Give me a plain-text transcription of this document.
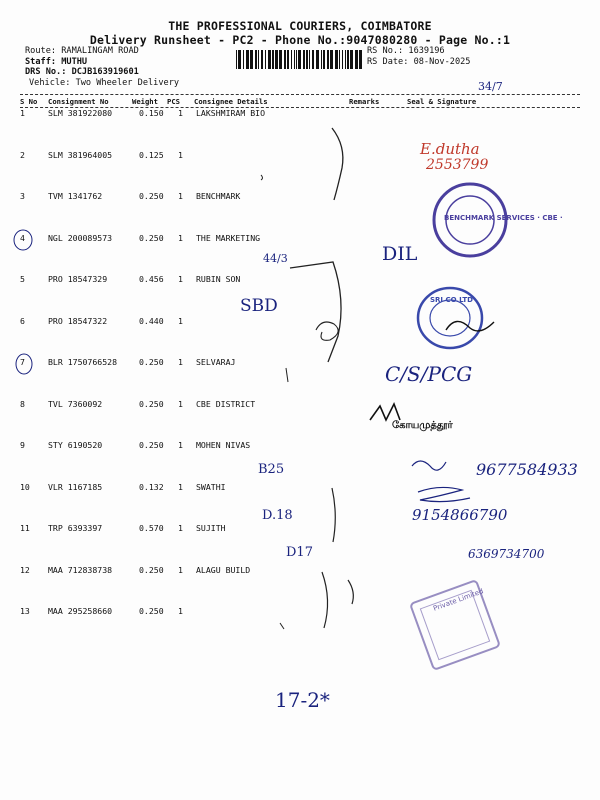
THE PROFESSIONAL COURIERS, COIMBATORE
Delivery Runsheet - PC2 - Phone No.:9047080280 - Page No.:1
Route: RAMALINGAM ROAD
Staff: MUTHU
DRS No.: DCJB163919601
Vehicle: Two Wheeler Delivery
RS No.: 1639196
RS Date: 08-Nov-2025
S No Consignment No	Weight PCS Consignee Details	Remarks	Seal & Signature
1	SLM 381922080	0.150 1 LAKSHMIRAM BIO
2	SLM 381964005	0.125 1
3	TVM 1341762	0.250 1 BENCHMARK
4	NGL 200089573	0.250 1 THE MARKETING
5	PRO 18547329	0.456 1 RUBIN SON
6	PRO 18547322	0.440 1
7	BLR 1750766528	0.250 1 SELVARAJ
8	TVL 7360092	0.250 1 CBE DISTRICT
9	STY 6190520	0.250 1 MOHEN NIVAS
10 VLR 1167185	0.132 1 SWATHI
11 TRP 6393397	0.570 1 SUJITH
12 MAA 712838738	0.250 1 ALAGU BUILD
13 MAA 295258660	0.250 1
34/7
E.dutha
2553799
DIL
44/3
SBD
C/S/PCG
B25	9677584933
D.18	9154866790
D17	6369734700
17-2*
BENCHMARK SERVICES · CBE ·
SRI CO.LTD
கோயமுத்தூர்
Private Limited
